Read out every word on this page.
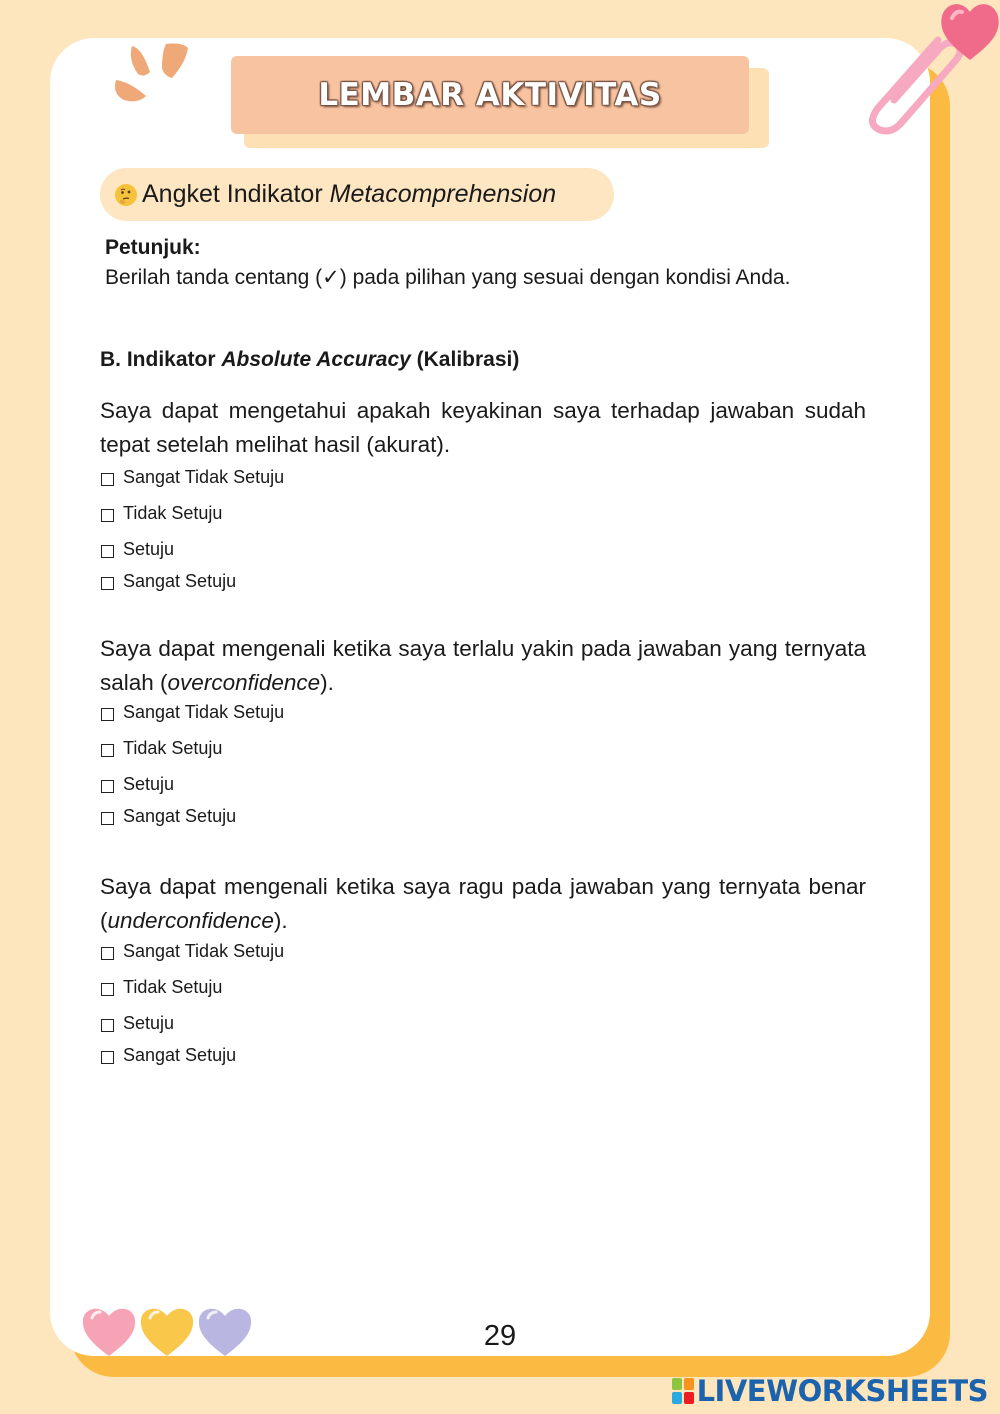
LEMBAR AKTIVITAS
Angket Indikator Metacomprehension
Petunjuk:
Berilah tanda centang (✓) pada pilihan yang sesuai dengan kondisi Anda.
B. Indikator Absolute Accuracy (Kalibrasi)
Saya dapat mengetahui apakah keyakinan saya terhadap jawaban sudah tepat setelah melihat hasil (akurat).
Sangat Tidak Setuju
Tidak Setuju
Setuju
Sangat Setuju
Saya dapat mengenali ketika saya terlalu yakin pada jawaban yang ternyata salah (overconfidence).
Sangat Tidak Setuju
Tidak Setuju
Setuju
Sangat Setuju
Saya dapat mengenali ketika saya ragu pada jawaban yang ternyata benar (underconfidence).
Sangat Tidak Setuju
Tidak Setuju
Setuju
Sangat Setuju
29
LIVEWORKSHEETS
